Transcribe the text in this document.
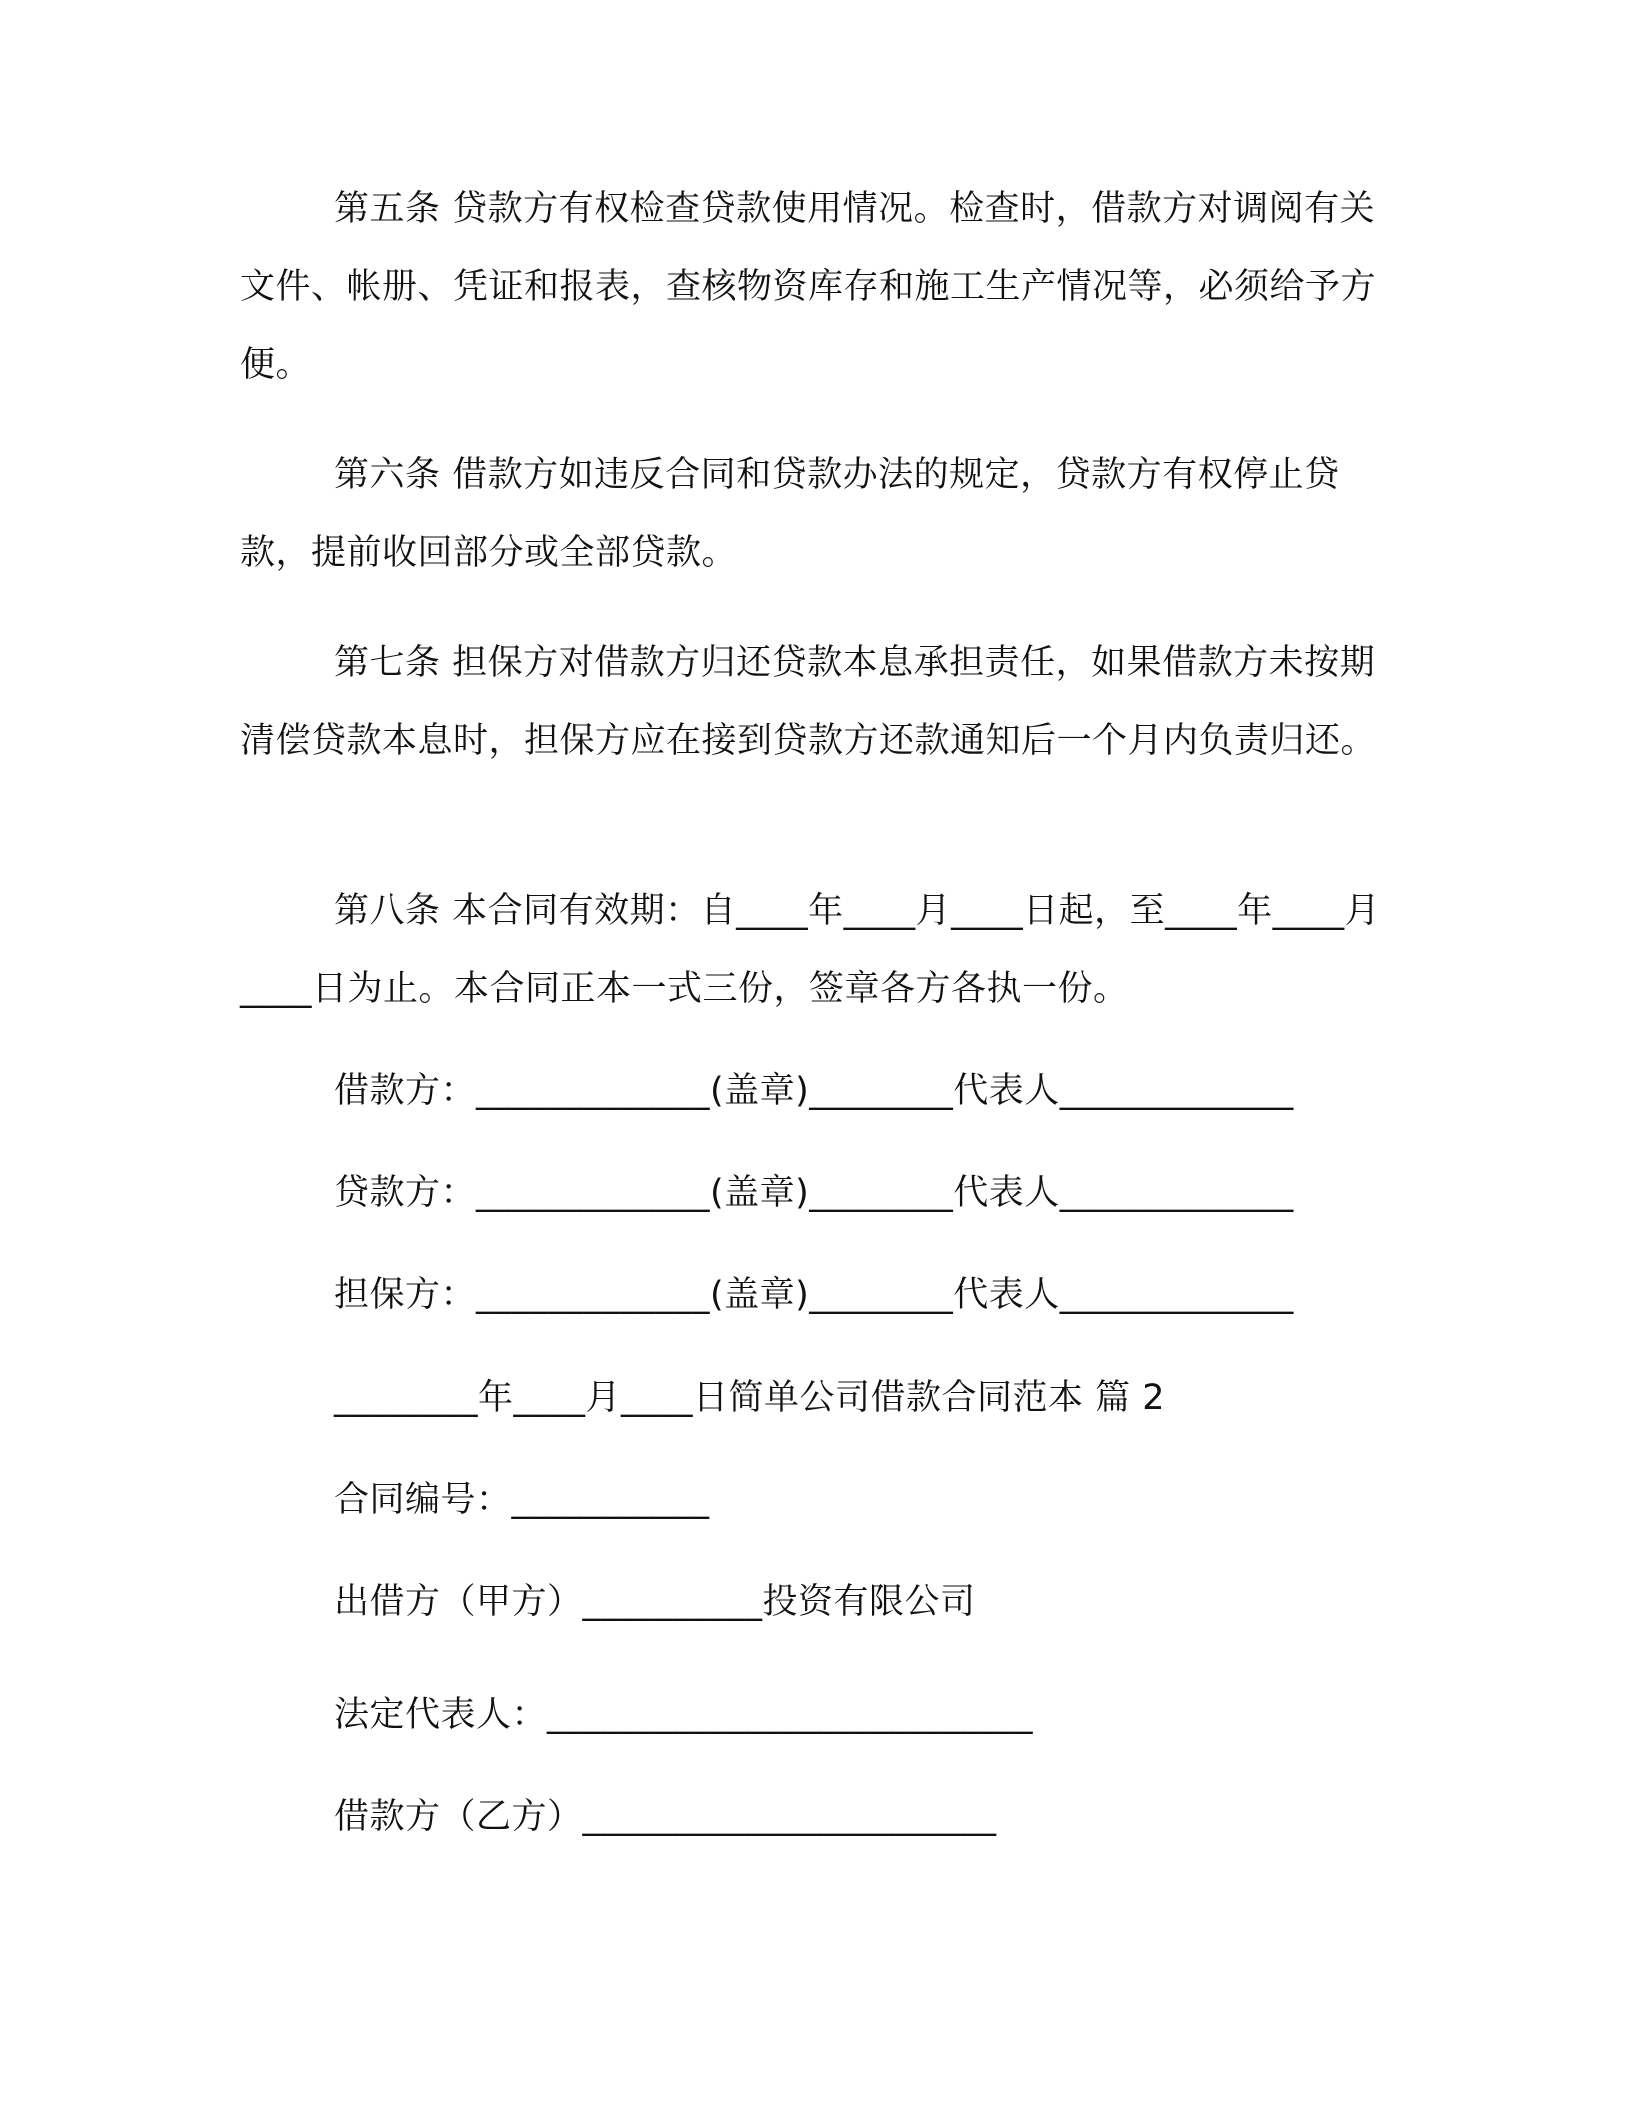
第五条 贷款方有权检查贷款使用情况。检查时，借款方对调阅有关文件、帐册、凭证和报表，查核物资库存和施工生产情况等，必须给予方便。

第六条 借款方如违反合同和贷款办法的规定，贷款方有权停止贷款，提前收回部分或全部贷款。

第七条 担保方对借款方归还贷款本息承担责任，如果借款方未按期清偿贷款本息时，担保方应在接到贷款方还款通知后一个月内负责归还。

第八条 本合同有效期：自____年____月____日起，至____年____月____日为止。本合同正本一式三份，签章各方各执一份。

借款方：_____________(盖章)________代表人_____________
贷款方：_____________(盖章)________代表人_____________
担保方：_____________(盖章)________代表人_____________
________年____月____日简单公司借款合同范本 篇 2
合同编号：___________
出借方（甲方）__________投资有限公司
法定代表人：___________________________
借款方（乙方）_______________________
